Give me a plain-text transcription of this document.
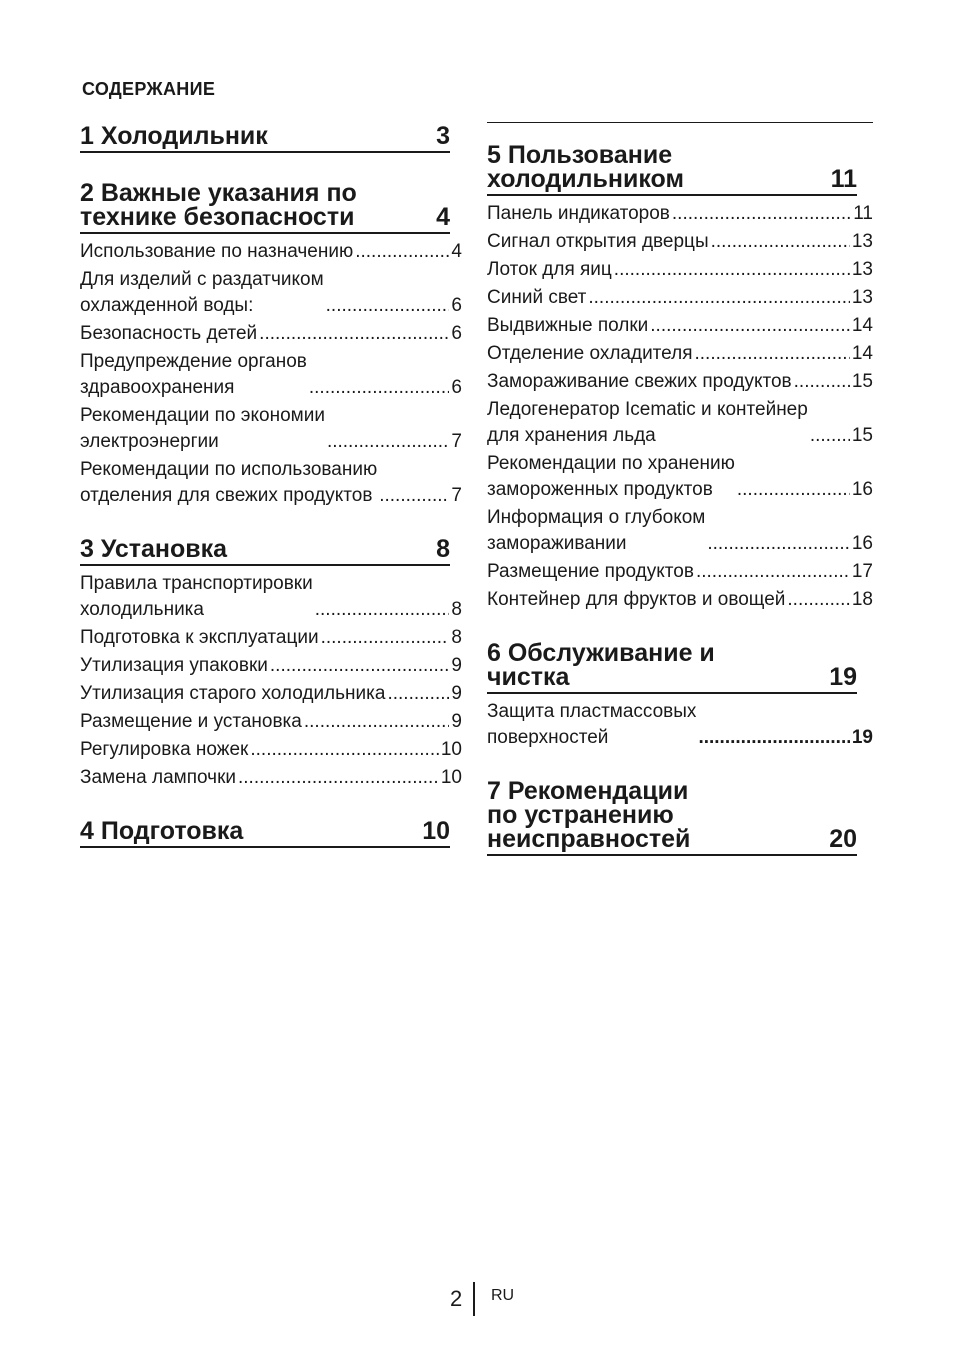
СОДЕРЖАНИЕ
1 Холодильник	3
2 Важные указания по
технике безопасности	4
Использование по назначению .....	4
Для изделий с раздатчиком
охлажденной воды: .....	6
Безопасность детей .....	6
Предупреждение органов
здравоохранения .....	6
Рекомендации по экономии
электроэнергии .....	7
Рекомендации по использованию
отделения для свежих продуктов .....	7
3 Установка	8
Правила транспортировки
холодильника .....	8
Подготовка к эксплуатации .....	8
Утилизация упаковки .....	9
Утилизация старого холодильника .....	9
Размещение и установка .....	9
Регулировка ножек .....	10
Замена лампочки .....	10
4 Подготовка	10
5 Пользование
холодильником	11
Панель индикаторов .....	11
Сигнал открытия дверцы .....	13
Лоток для яиц .....	13
Синий свет .....	13
Выдвижные полки .....	14
Отделение охладителя .....	14
Замораживание свежих продуктов .....	15
Ледогенератор Icematic и контейнер
для хранения льда .....	15
Рекомендации по хранению
замороженных продуктов .....	16
Информация о глубоком
замораживании .....	16
Размещение продуктов .....	17
Контейнер для фруктов и овощей .....	18
6 Обслуживание и
чистка	19
Защита пластмассовых
поверхностей .....	19
7 Рекомендации
по устранению
неисправностей	20
2 RU
